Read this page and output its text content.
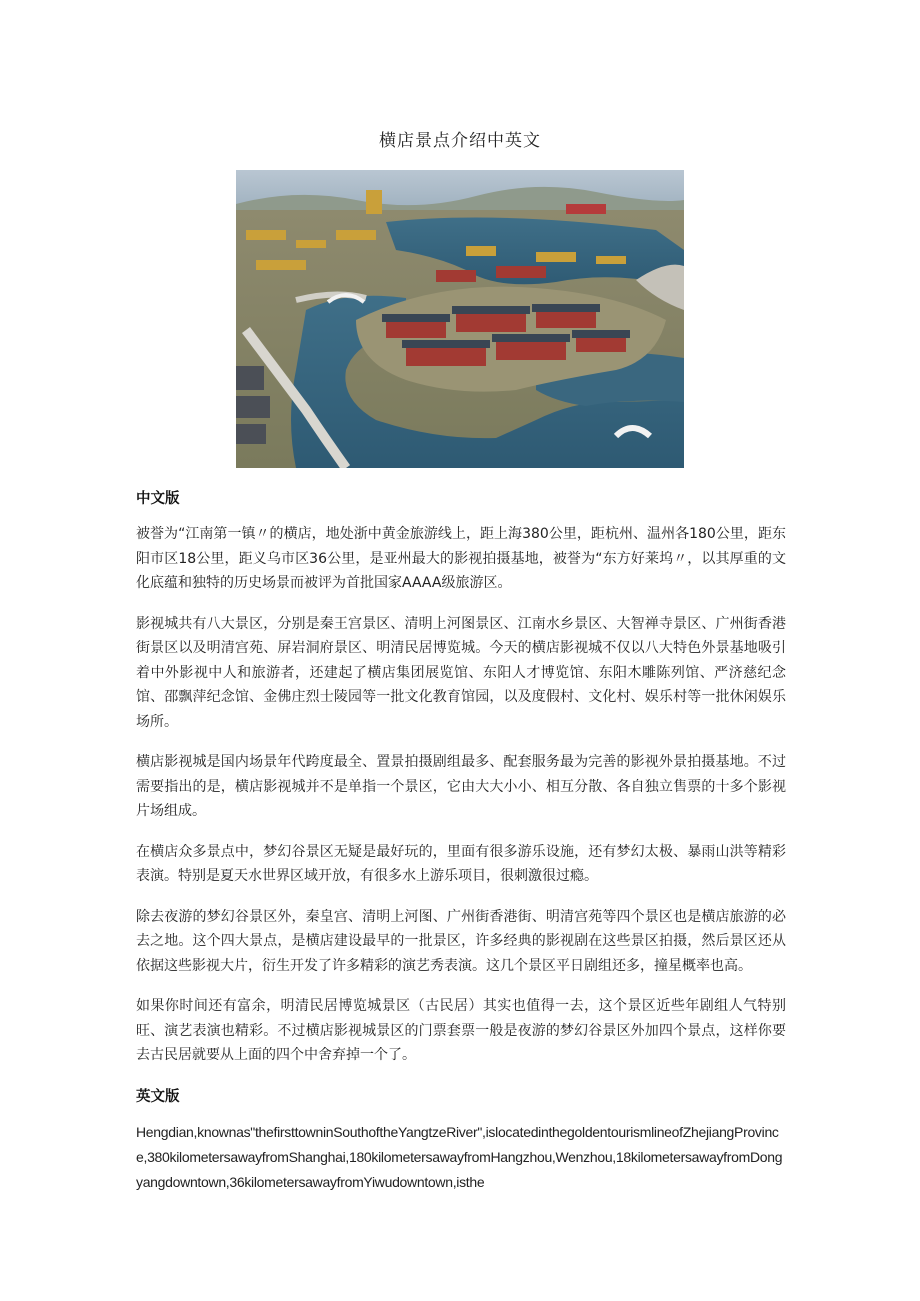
横店景点介绍中英文
中文版

被誉为“江南第一镇〃的横店，地处浙中黄金旅游线上，距上海380公里，距杭州、温州各180公里，距东阳市区18公里，距义乌市区36公里，是亚州最大的影视拍摄基地，被誉为“东方好莱坞〃，以其厚重的文化底蕴和独特的历史场景而被评为首批国家AAAA级旅游区。

影视城共有八大景区，分别是秦王宫景区、清明上河图景区、江南水乡景区、大智禅寺景区、广州街香港街景区以及明清宫苑、屏岩洞府景区、明清民居博览城。今天的横店影视城不仅以八大特色外景基地吸引着中外影视中人和旅游者，还建起了横店集团展览馆、东阳人才博览馆、东阳木雕陈列馆、严济慈纪念馆、邵飘萍纪念馆、金佛庄烈士陵园等一批文化教育馆园，以及度假村、文化村、娱乐村等一批休闲娱乐场所。

横店影视城是国内场景年代跨度最全、置景拍摄剧组最多、配套服务最为完善的影视外景拍摄基地。不过需要指出的是，横店影视城并不是单指一个景区，它由大大小小、相互分散、各自独立售票的十多个影视片场组成。

在横店众多景点中，梦幻谷景区无疑是最好玩的，里面有很多游乐设施，还有梦幻太极、暴雨山洪等精彩表演。特别是夏天水世界区域开放，有很多水上游乐项目，很刺激很过瘾。

除去夜游的梦幻谷景区外，秦皇宫、清明上河图、广州街香港街、明清宫苑等四个景区也是横店旅游的必去之地。这个四大景点，是横店建设最早的一批景区，许多经典的影视剧在这些景区拍摄，然后景区还从依据这些影视大片，衍生开发了许多精彩的演艺秀表演。这几个景区平日剧组还多，撞星概率也高。

如果你时间还有富余，明清民居博览城景区（古民居）其实也值得一去，这个景区近些年剧组人气特别旺、演艺表演也精彩。不过横店影视城景区的门票套票一般是夜游的梦幻谷景区外加四个景点，这样你要去古民居就要从上面的四个中舍弃掉一个了。

英文版

Hengdian,knownas"thefirsttowninSouthoftheYangtzeRiver",islocatedinthegoldentourismlineofZhejiangProvince,380kilometersawayfromShanghai,180kilometersawayfromHangzhou,Wenzhou,18kilometersawayfromDongyangdowntown,36kilometersawayfromYiwudowntown,isthe
